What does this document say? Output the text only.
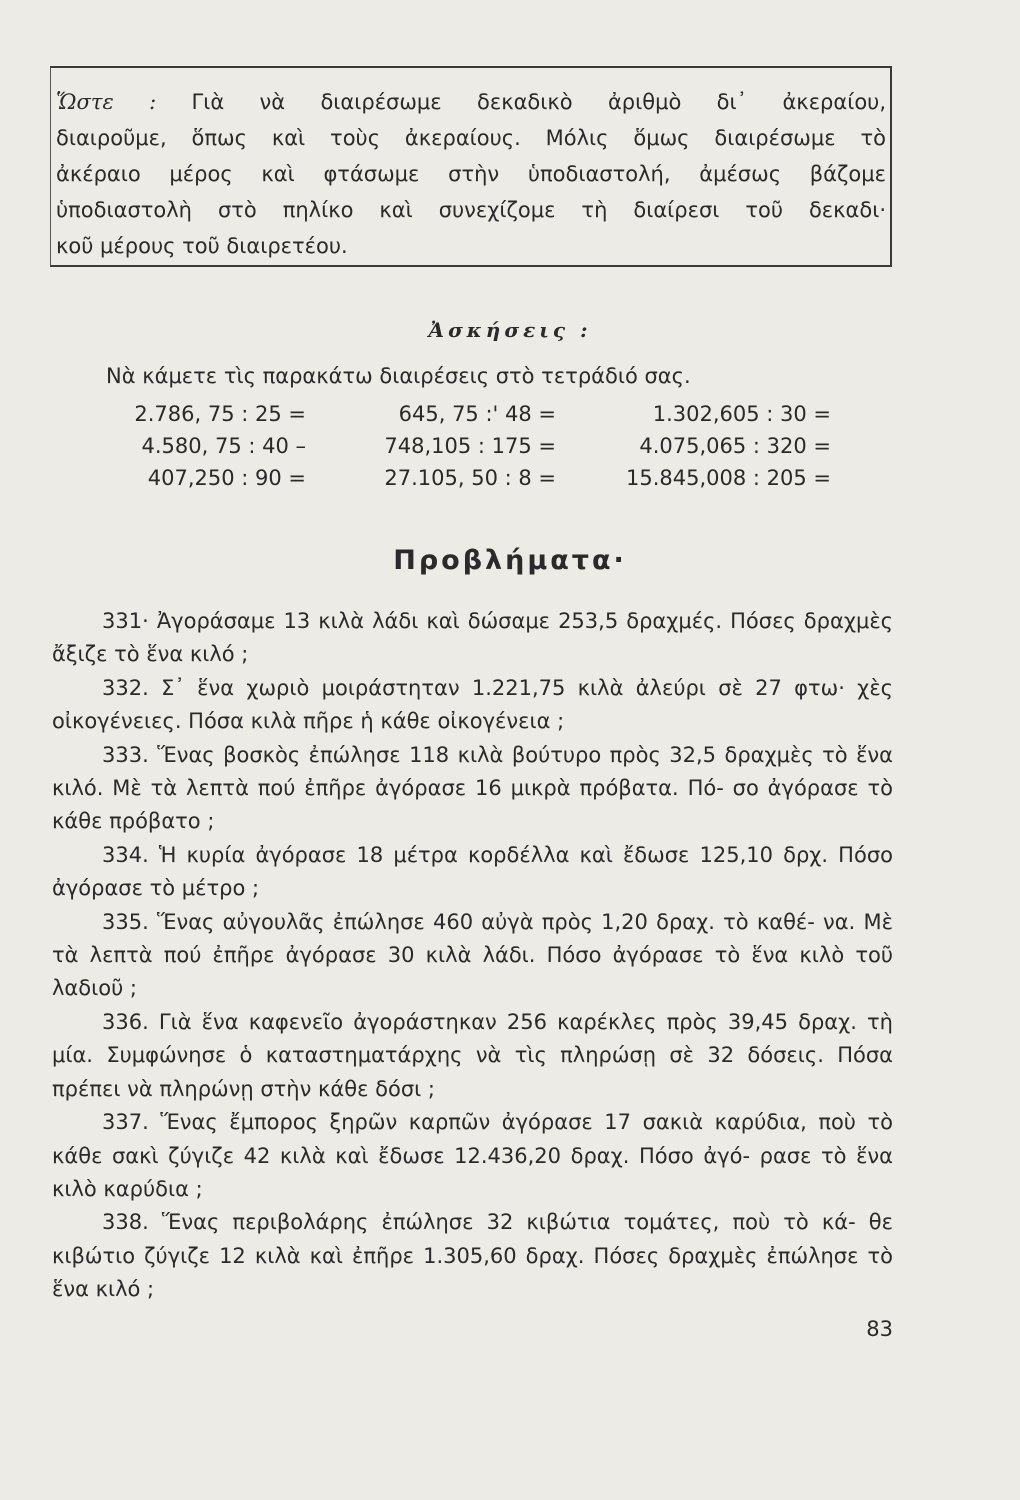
Ὥστε : Γιὰ νὰ διαιρέσωμε δεκαδικὸ ἀριθμὸ δι᾿ ἀκεραίου,
διαιροῦμε, ὅπως καὶ τοὺς ἀκεραίους. Μόλις ὅμως διαιρέσωμε τὸ
ἀκέραιο μέρος καὶ φτάσωμε στὴν ὑποδιαστολή, ἀμέσως βάζομε
ὑποδιαστολὴ στὸ πηλίκο καὶ συνεχίζομε τὴ διαίρεσι τοῦ δεκαδι·
κοῦ μέρους τοῦ διαιρετέου.

Ἀσκήσεις :

Νὰ κάμετε τὶς παρακάτω διαιρέσεις στὸ τετράδιό σας.

2.786, 75 : 25 =	645, 75 :' 48 =	1.302,605 : 30 =
4.580, 75 : 40 –	748,105 : 175 =	4.075,065 : 320 =
407,250 : 90 =	27.105, 50 : 8 =	15.845,008 : 205 =

Προβλήματα·

331· Ἀγοράσαμε 13 κιλὰ λάδι καὶ δώσαμε 253,5 δραχμές. Πόσες δραχμὲς ἄξιζε τὸ ἕνα κιλό ;

332. Σ᾿ ἕνα χωριὸ μοιράστηταν 1.221,75 κιλὰ ἀλεύρι σὲ 27 φτω· χὲς οἰκογένειες. Πόσα κιλὰ πῆρε ἡ κάθε οἰκογένεια ;

333. Ἕνας βοσκὸς ἐπώλησε 118 κιλὰ βούτυρο πρὸς 32,5 δραχμὲς τὸ ἕνα κιλό. Μὲ τὰ λεπτὰ πού ἐπῆρε ἀγόρασε 16 μικρὰ πρόβατα. Πό- σο ἀγόρασε τὸ κάθε πρόβατο ;

334. Ἡ κυρία ἀγόρασε 18 μέτρα κορδέλλα καὶ ἔδωσε 125,10 δρχ. Πόσο ἀγόρασε τὸ μέτρο ;

335. Ἕνας αὐγουλᾶς ἐπώλησε 460 αὐγὰ πρὸς 1,20 δραχ. τὸ καθέ- να. Μὲ τὰ λεπτὰ πού ἐπῆρε ἀγόρασε 30 κιλὰ λάδι. Πόσο ἀγόρασε τὸ ἕνα κιλὸ τοῦ λαδιοῦ ;

336. Γιὰ ἕνα καφενεῖο ἀγοράστηκαν 256 καρέκλες πρὸς 39,45 δραχ. τὴ μία. Συμφώνησε ὁ καταστηματάρχης νὰ τὶς πληρώσῃ σὲ 32 δόσεις. Πόσα πρέπει νὰ πληρώνῃ στὴν κάθε δόσι ;

337. Ἕνας ἔμπορος ξηρῶν καρπῶν ἀγόρασε 17 σακιὰ καρύδια, ποὺ τὸ κάθε σακὶ ζύγιζε 42 κιλὰ καὶ ἔδωσε 12.436,20 δραχ. Πόσο ἀγό- ρασε τὸ ἕνα κιλὸ καρύδια ;

338. Ἕνας περιβολάρης ἐπώλησε 32 κιβώτια τομάτες, ποὺ τὸ κά- θε κιβώτιο ζύγιζε 12 κιλὰ καὶ ἐπῆρε 1.305,60 δραχ. Πόσες δραχμὲς ἐπώλησε τὸ ἕνα κιλό ;

83
